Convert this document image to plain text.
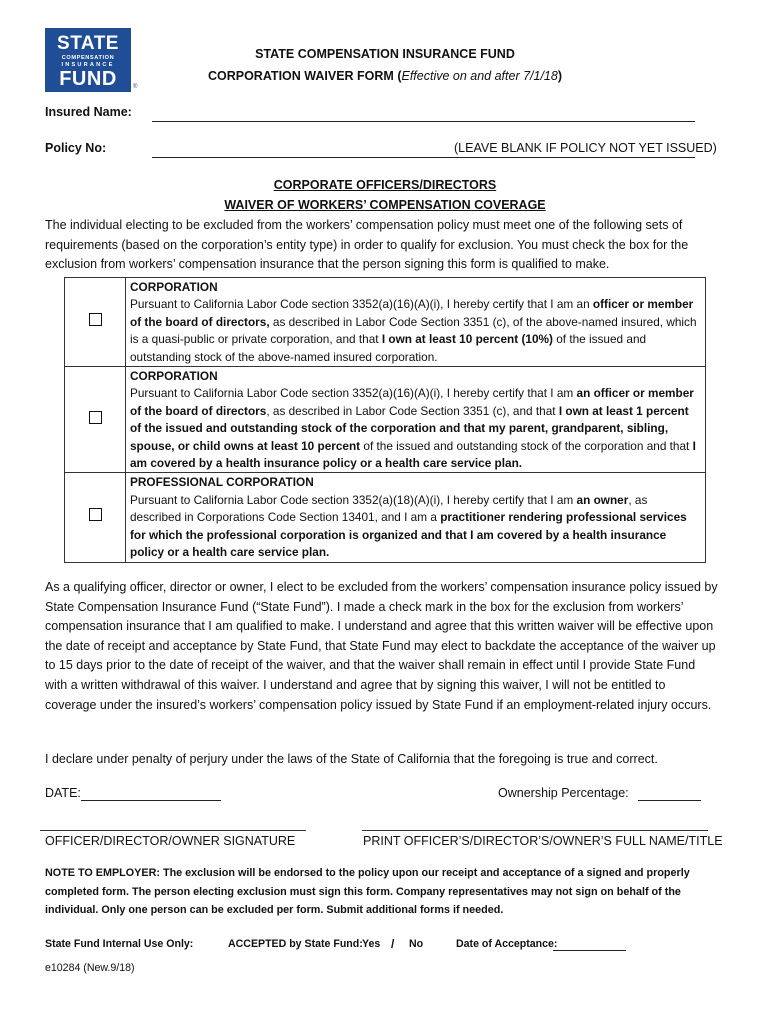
STATE
COMPENSATION
INSURANCE
FUND	®
STATE COMPENSATION INSURANCE FUND
CORPORATION WAIVER FORM (Effective on and after 7/1/18)
Insured Name:
Policy No:	(LEAVE BLANK IF POLICY NOT YET ISSUED)
CORPORATE OFFICERS/DIRECTORS
WAIVER OF WORKERS’ COMPENSATION COVERAGE

The individual electing to be excluded from the workers’ compensation policy must meet one of the following sets of requirements (based on the corporation’s entity type) in order to qualify for exclusion. You must check the box for the exclusion from workers’ compensation insurance that the person signing this form is qualified to make.

	CORPORATION
Pursuant to California Labor Code section 3352(a)(16)(A)(i), I hereby certify that I am an officer or member of the board of directors, as described in Labor Code Section 3351 (c), of the above-named insured, which is a quasi-public or private corporation, and that I own at least 10 percent (10%) of the issued and outstanding stock of the above-named insured corporation.

	CORPORATION
Pursuant to California Labor Code section 3352(a)(16)(A)(i), I hereby certify that I am an officer or member of the board of directors, as described in Labor Code Section 3351 (c), and that I own at least 1 percent of the issued and outstanding stock of the corporation and that my parent, grandparent, sibling, spouse, or child owns at least 10 percent of the issued and outstanding stock of the corporation and that I am covered by a health insurance policy or a health care service plan.

	PROFESSIONAL CORPORATION
Pursuant to California Labor Code section 3352(a)(18)(A)(i), I hereby certify that I am an owner, as described in Corporations Code Section 13401, and I am a practitioner rendering professional services for which the professional corporation is organized and that I am covered by a health insurance policy or a health care service plan.

As a qualifying officer, director or owner, I elect to be excluded from the workers’ compensation insurance policy issued by State Compensation Insurance Fund (“State Fund”). I made a check mark in the box for the exclusion from workers’ compensation insurance that I am qualified to make. I understand and agree that this written waiver will be effective upon the date of receipt and acceptance by State Fund, that State Fund may elect to backdate the acceptance of the waiver up to 15 days prior to the date of receipt of the waiver, and that the waiver shall remain in effect until I provide State Fund with a written withdrawal of this waiver. I understand and agree that by signing this waiver, I will not be entitled to coverage under the insured’s workers’ compensation policy issued by State Fund if an employment-related injury occurs.

I declare under penalty of perjury under the laws of the State of California that the foregoing is true and correct.

DATE:	Ownership Percentage:
OFFICER/DIRECTOR/OWNER SIGNATURE	PRINT OFFICER’S/DIRECTOR’S/OWNER’S FULL NAME/TITLE

NOTE TO EMPLOYER: The exclusion will be endorsed to the policy upon our receipt and acceptance of a signed and properly completed form. The person electing exclusion must sign this form. Company representatives may not sign on behalf of the individual. Only one person can be excluded per form. Submit additional forms if needed.

State Fund Internal Use Only:	ACCEPTED by State Fund: Yes / No	Date of Acceptance:
e10284 (New.9/18)
